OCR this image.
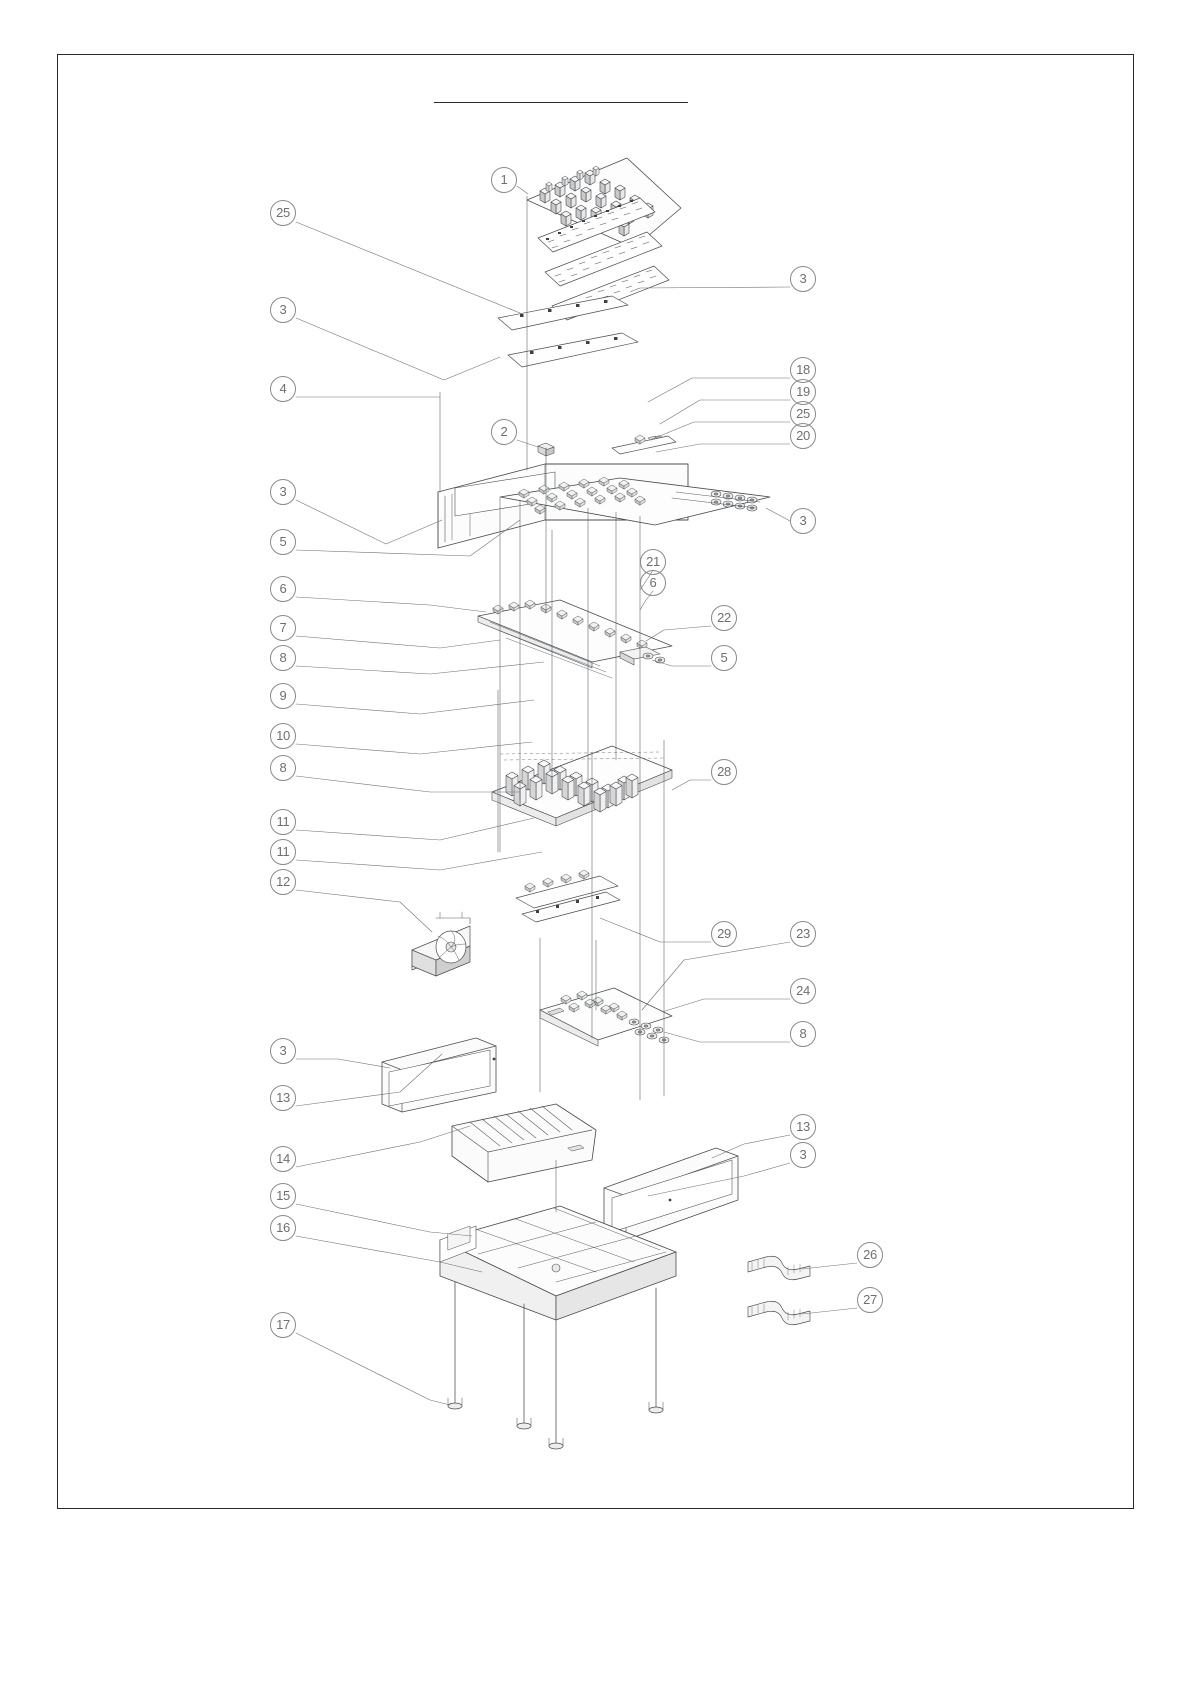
1
25
3
3
4
18
19
25
2	20
3
3
5
21
6
6
7
22
8	5
9
10
8	28
11
11
12
29	23
24
8
3
13
13
3
14
15
16
17
26
27
